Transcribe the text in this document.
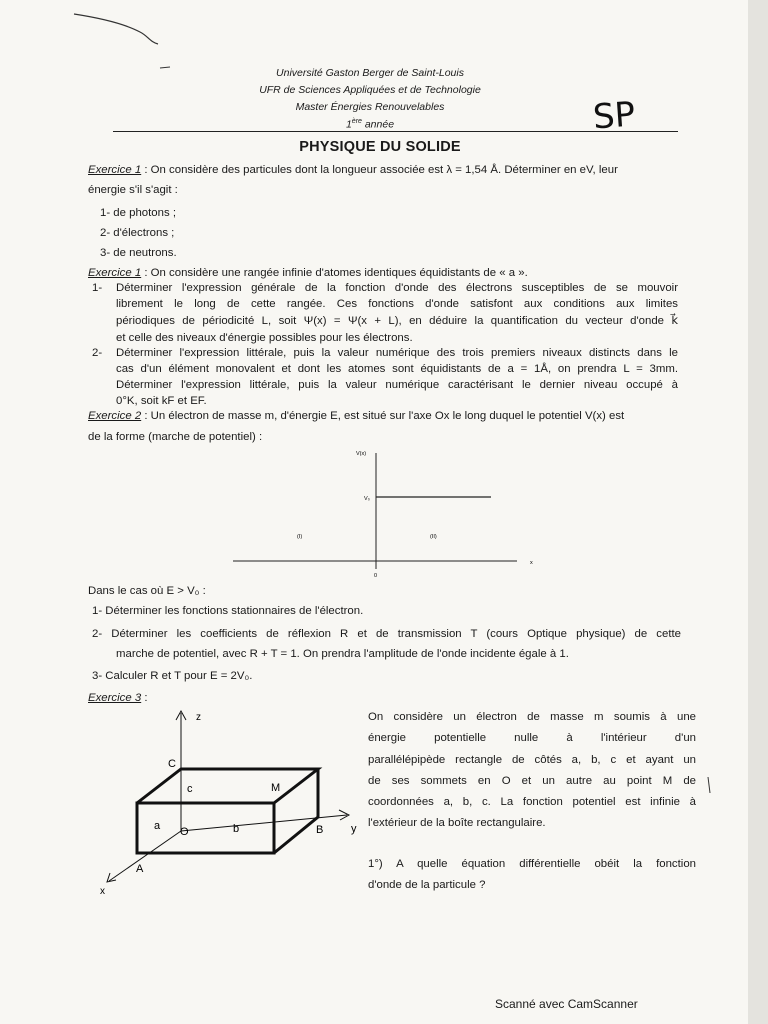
Université Gaston Berger de Saint-Louis
UFR de Sciences Appliquées et de Technologie
Master Énergies Renouvelables
1ère année	SP
PHYSIQUE DU SOLIDE
Exercice 1 : On considère des particules dont la longueur associée est λ = 1,54 Å. Déterminer en eV, leur
énergie s'il s'agit :
1- de photons ;
2- d'électrons ;
3- de neutrons.
Exercice 1 : On considère une rangée infinie d'atomes identiques équidistants de « a ».
1- Déterminer l'expression générale de la fonction d'onde des électrons susceptibles de se mouvoir
librement le long de cette rangée. Ces fonctions d'onde satisfont aux conditions aux limites
périodiques de périodicité L, soit Ψ(x) = Ψ(x + L), en déduire la quantification du vecteur d'onde k⃗
et celle des niveaux d'énergie possibles pour les électrons.
2- Déterminer l'expression littérale, puis la valeur numérique des trois premiers niveaux distincts dans le
cas d'un élément monovalent et dont les atomes sont équidistants de a = 1Å, on prendra L = 3mm.
Déterminer l'expression littérale, puis la valeur numérique caractérisant le dernier niveau occupé à
0°K, soit kF et EF.
Exercice 2 : Un électron de masse m, d'énergie E, est situé sur l'axe Ox le long duquel le potentiel V(x) est
de la forme (marche de potentiel) :
V(x)
V₀
(I)	(II)
0
x
Dans le cas où E > V₀ :
1- Déterminer les fonctions stationnaires de l'électron.
2- Déterminer les coefficients de réflexion R et de transmission T (cours Optique physique) de cette
marche de potentiel, avec R + T = 1. On prendra l'amplitude de l'onde incidente égale à 1.
3- Calculer R et T pour E = 2V₀.
Exercice 3 :
z
C
c	M
a O	b	B	y
A
x
On considère un électron de masse m soumis à une
énergie potentielle nulle à l'intérieur d'un
parallélépipède rectangle de côtés a, b, c et ayant un
de ses sommets en O et un autre au point M de
coordonnées a, b, c. La fonction potentiel est infinie à
l'extérieur de la boîte rectangulaire.
1°) A quelle équation différentielle obéit la fonction
d'onde de la particule ?
Scanné avec CamScanner
